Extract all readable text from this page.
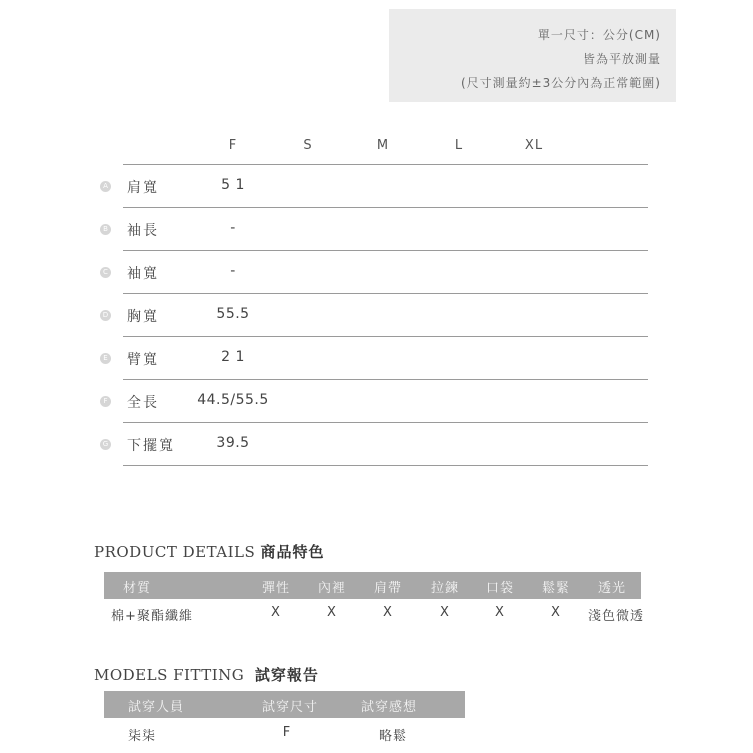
單一尺寸：公分(CM)
皆為平放測量
(尺寸測量約±3公分內為正常範圍)
F	S	M	L	XL
A 肩寬	5 1
B 袖長	-
C 袖寬	-
D 胸寬	55.5
E 臂寬	2 1
F 全長	44.5/55.5
G 下擺寬	39.5
PRODUCT DETAILS 商品特色
材質	彈性 內裡 肩帶 拉鍊 口袋 鬆緊 透光
棉+聚酯纖維	X	X	X	X	X	X 淺色微透
MODELS FITTING 試穿報告
試穿人員	試穿尺寸	試穿感想
柒柒	F	略鬆
